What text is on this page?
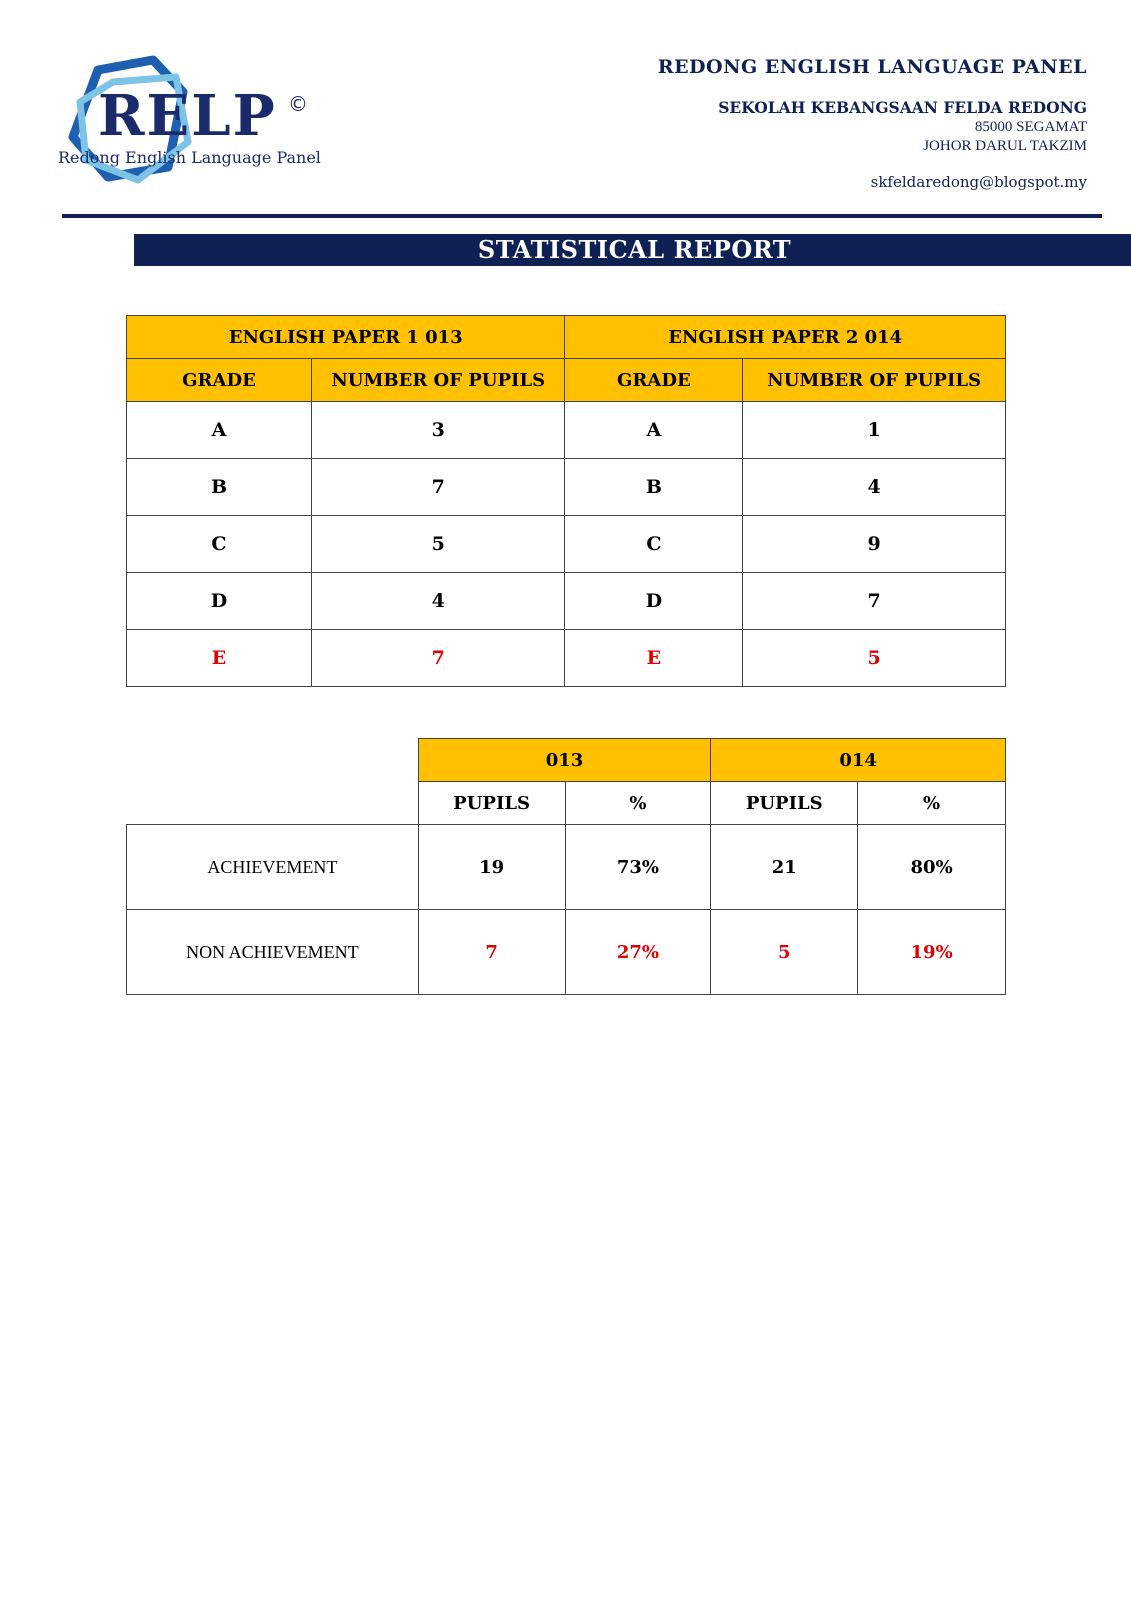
RELP ©
Redong English Language Panel
REDONG ENGLISH LANGUAGE PANEL
SEKOLAH KEBANGSAAN FELDA REDONG
85000 SEGAMAT
JOHOR DARUL TAKZIM
skfeldaredong@blogspot.my
STATISTICAL REPORT
ENGLISH PAPER 1 013		ENGLISH PAPER 2 014	
GRADE	NUMBER OF PUPILS	GRADE	NUMBER OF PUPILS
A	3	A	1
B	7	B	4
C	5	C	9
D	4	D	7
E	7	E	5
	013		014	
	PUPILS	%	PUPILS	%
ACHIEVEMENT	19	73%	21	80%
NON ACHIEVEMENT	7	27%	5	19%
